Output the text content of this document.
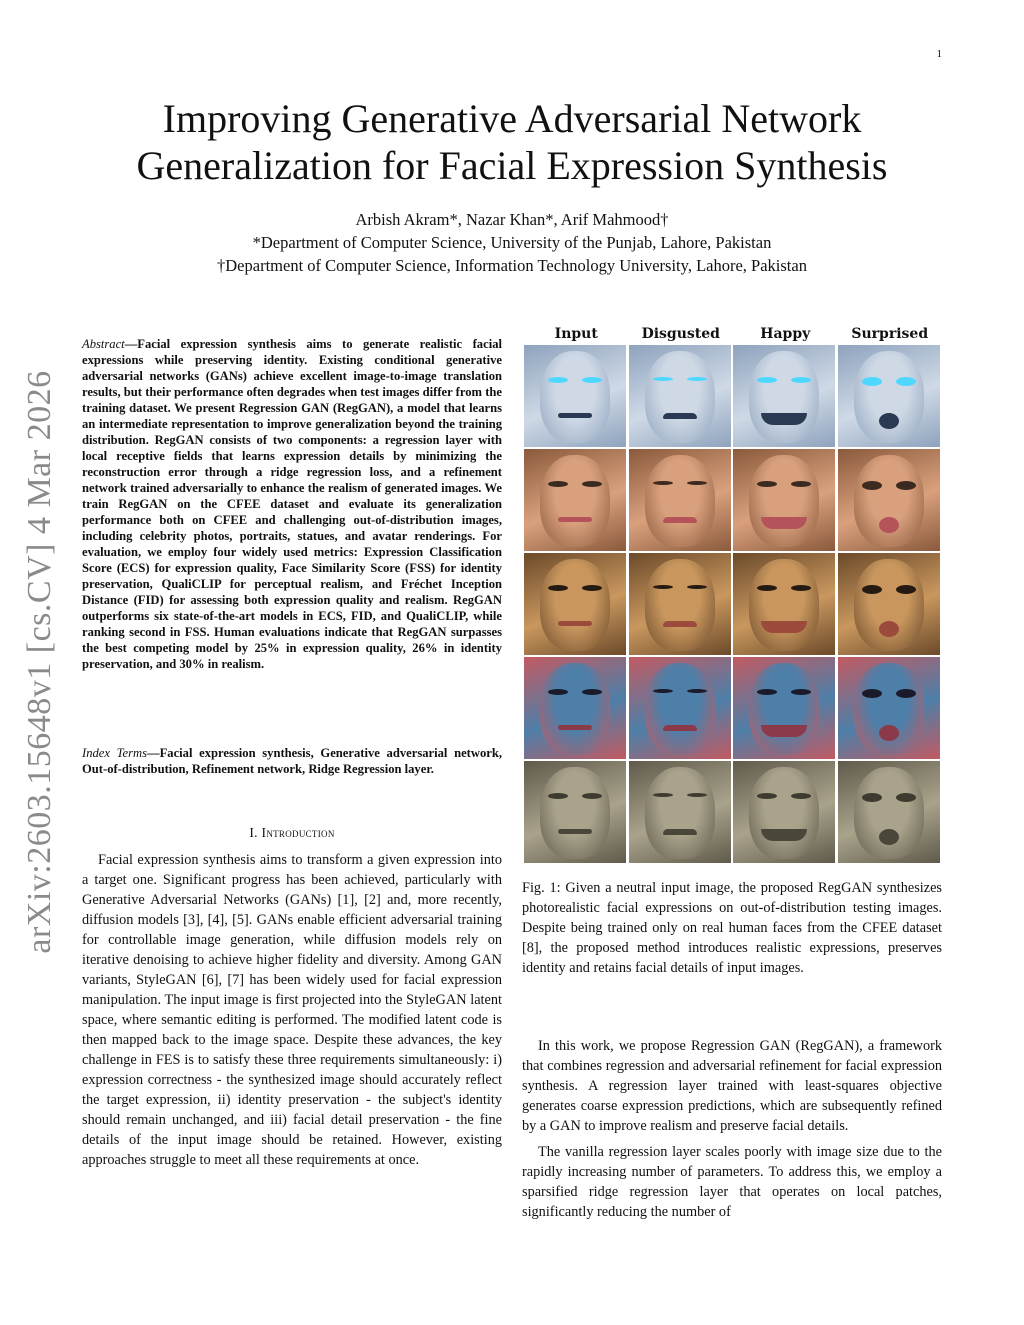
1
arXiv:2603.15648v1 [cs.CV] 4 Mar 2026
Improving Generative Adversarial Network Generalization for Facial Expression Synthesis
Arbish Akram*, Nazar Khan*, Arif Mahmood†
*Department of Computer Science, University of the Punjab, Lahore, Pakistan
†Department of Computer Science, Information Technology University, Lahore, Pakistan
Abstract—Facial expression synthesis aims to generate realistic facial expressions while preserving identity. Existing conditional generative adversarial networks (GANs) achieve excellent image-to-image translation results, but their performance often degrades when test images differ from the training dataset. We present Regression GAN (RegGAN), a model that learns an intermediate representation to improve generalization beyond the training distribution. RegGAN consists of two components: a regression layer with local receptive fields that learns expression details by minimizing the reconstruction error through a ridge regression loss, and a refinement network trained adversarially to enhance the realism of generated images. We train RegGAN on the CFEE dataset and evaluate its generalization performance both on CFEE and challenging out-of-distribution images, including celebrity photos, portraits, statues, and avatar renderings. For evaluation, we employ four widely used metrics: Expression Classification Score (ECS) for expression quality, Face Similarity Score (FSS) for identity preservation, QualiCLIP for perceptual realism, and Fréchet Inception Distance (FID) for assessing both expression quality and realism. RegGAN outperforms six state-of-the-art models in ECS, FID, and QualiCLIP, while ranking second in FSS. Human evaluations indicate that RegGAN surpasses the best competing model by 25% in expression quality, 26% in identity preservation, and 30% in realism.
Index Terms—Facial expression synthesis, Generative adversarial network, Out-of-distribution, Refinement network, Ridge Regression layer.
I. Introduction
Facial expression synthesis aims to transform a given expression into a target one. Significant progress has been achieved, particularly with Generative Adversarial Networks (GANs) [1], [2] and, more recently, diffusion models [3], [4], [5]. GANs enable efficient adversarial training for controllable image generation, while diffusion models rely on iterative denoising to achieve higher fidelity and diversity. Among GAN variants, StyleGAN [6], [7] has been widely used for facial expression manipulation. The input image is first projected into the StyleGAN latent space, where semantic editing is performed. The modified latent code is then mapped back to the image space. Despite these advances, the key challenge in FES is to satisfy these three requirements simultaneously: i) expression correctness - the synthesized image should accurately reflect the target expression, ii) identity preservation - the subject's identity should remain unchanged, and iii) facial detail preservation - the fine details of the input image should be retained. However, existing approaches struggle to meet all these requirements at once.
Input	Disgusted	Happy	Surprised
Fig. 1: Given a neutral input image, the proposed RegGAN synthesizes photorealistic facial expressions on out-of-distribution testing images. Despite being trained only on real human faces from the CFEE dataset [8], the proposed method introduces realistic expressions, preserves identity and retains facial details of input images.

In this work, we propose Regression GAN (RegGAN), a framework that combines regression and adversarial refinement for facial expression synthesis. A regression layer trained with least-squares objective generates coarse expression predictions, which are subsequently refined by a GAN to improve realism and preserve facial details.

The vanilla regression layer scales poorly with image size due to the rapidly increasing number of parameters. To address this, we employ a sparsified ridge regression layer that operates on local patches, significantly reducing the number of
